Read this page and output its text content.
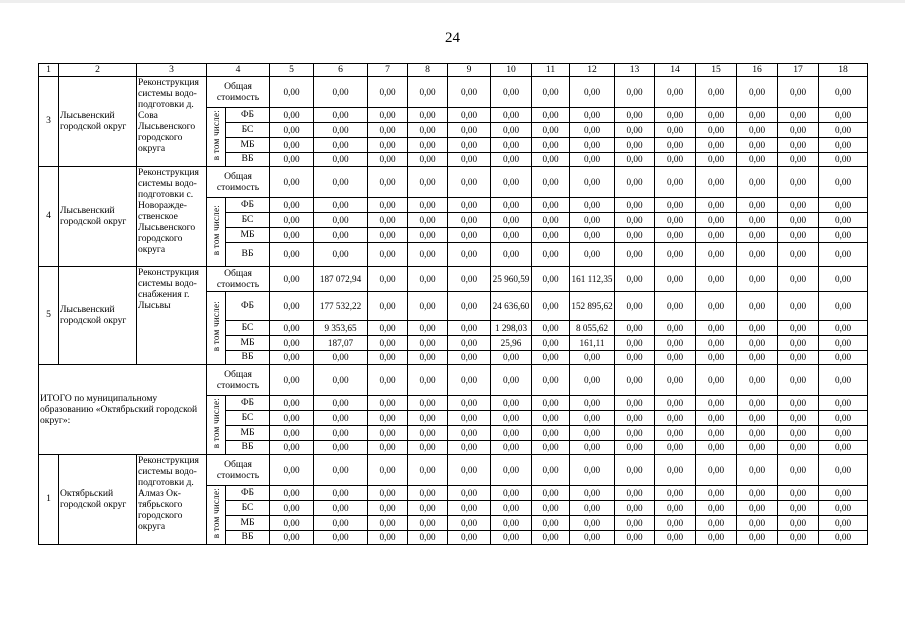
24
1	2	3	4		5	6	7	8	9	10	11	12	13	14	15	16	17	18
3	Лысьвенский городской округ	Реконструкция системы водо- подготовки д. Сова Лысьвенского городского округа	Общая стоимость		0,00	0,00	0,00	0,00	0,00	0,00	0,00	0,00	0,00	0,00	0,00	0,00	0,00	0,00
			в том числе:	ФБ	0,00	0,00	0,00	0,00	0,00	0,00	0,00	0,00	0,00	0,00	0,00	0,00	0,00	0,00
				БС	0,00	0,00	0,00	0,00	0,00	0,00	0,00	0,00	0,00	0,00	0,00	0,00	0,00	0,00
				МБ	0,00	0,00	0,00	0,00	0,00	0,00	0,00	0,00	0,00	0,00	0,00	0,00	0,00	0,00
				ВБ	0,00	0,00	0,00	0,00	0,00	0,00	0,00	0,00	0,00	0,00	0,00	0,00	0,00	0,00
4	Лысьвенский городской округ	Реконструкция системы водо- подготовки с. Новоражде- ственское Лысьвенского городского округа	Общая стоимость		0,00	0,00	0,00	0,00	0,00	0,00	0,00	0,00	0,00	0,00	0,00	0,00	0,00	0,00
			в том числе:	ФБ	0,00	0,00	0,00	0,00	0,00	0,00	0,00	0,00	0,00	0,00	0,00	0,00	0,00	0,00
				БС	0,00	0,00	0,00	0,00	0,00	0,00	0,00	0,00	0,00	0,00	0,00	0,00	0,00	0,00
				МБ	0,00	0,00	0,00	0,00	0,00	0,00	0,00	0,00	0,00	0,00	0,00	0,00	0,00	0,00
				ВБ	0,00	0,00	0,00	0,00	0,00	0,00	0,00	0,00	0,00	0,00	0,00	0,00	0,00	0,00
5	Лысьвенский городской округ	Реконструкция системы водо- снабжения г. Лысьвы	Общая стоимость		0,00	187 072,94	0,00	0,00	0,00	25 960,59	0,00	161 112,35	0,00	0,00	0,00	0,00	0,00	0,00
			в том числе:	ФБ	0,00	177 532,22	0,00	0,00	0,00	24 636,60	0,00	152 895,62	0,00	0,00	0,00	0,00	0,00	0,00
				БС	0,00	9 353,65	0,00	0,00	0,00	1 298,03	0,00	8 055,62	0,00	0,00	0,00	0,00	0,00	0,00
				МБ	0,00	187,07	0,00	0,00	0,00	25,96	0,00	161,11	0,00	0,00	0,00	0,00	0,00	0,00
				ВБ	0,00	0,00	0,00	0,00	0,00	0,00	0,00	0,00	0,00	0,00	0,00	0,00	0,00	0,00
ИТОГО по муниципальному образованию «Октябрьский городской округ»:			Общая стоимость		0,00	0,00	0,00	0,00	0,00	0,00	0,00	0,00	0,00	0,00	0,00	0,00	0,00	0,00
			в том числе:	ФБ	0,00	0,00	0,00	0,00	0,00	0,00	0,00	0,00	0,00	0,00	0,00	0,00	0,00	0,00
				БС	0,00	0,00	0,00	0,00	0,00	0,00	0,00	0,00	0,00	0,00	0,00	0,00	0,00	0,00
				МБ	0,00	0,00	0,00	0,00	0,00	0,00	0,00	0,00	0,00	0,00	0,00	0,00	0,00	0,00
				ВБ	0,00	0,00	0,00	0,00	0,00	0,00	0,00	0,00	0,00	0,00	0,00	0,00	0,00	0,00
1	Октябрьский городской округ	Реконструкция системы водо- подготовки д. Алмаз Ок- тябрьского городского округа	Общая стоимость		0,00	0,00	0,00	0,00	0,00	0,00	0,00	0,00	0,00	0,00	0,00	0,00	0,00	0,00
			в том числе:	ФБ	0,00	0,00	0,00	0,00	0,00	0,00	0,00	0,00	0,00	0,00	0,00	0,00	0,00	0,00
				БС	0,00	0,00	0,00	0,00	0,00	0,00	0,00	0,00	0,00	0,00	0,00	0,00	0,00	0,00
				МБ	0,00	0,00	0,00	0,00	0,00	0,00	0,00	0,00	0,00	0,00	0,00	0,00	0,00	0,00
				ВБ	0,00	0,00	0,00	0,00	0,00	0,00	0,00	0,00	0,00	0,00	0,00	0,00	0,00	0,00
